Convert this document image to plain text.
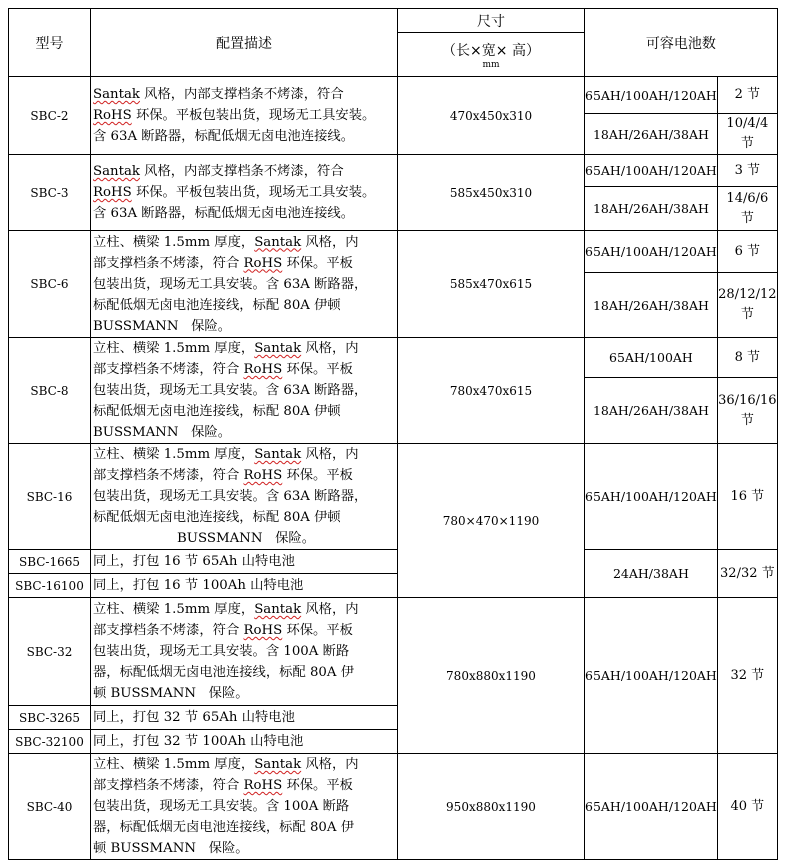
型号	配置描述	尺寸	可容电池数	

		（长×宽× 高）
mm		

SBC-2	Santak 风格，内部支撑档条不烤漆，符合
RoHS 环保。平板包装出货，现场无工具安装。
含 63A 断路器，标配低烟无卤电池连接线。	470x450x310	65AH/100AH/120AH	2 节
			18AH/26AH/38AH	10/4/4
节

SBC-3	Santak 风格，内部支撑档条不烤漆，符合
RoHS 环保。平板包装出货，现场无工具安装。
含 63A 断路器，标配低烟无卤电池连接线。	585x450x310	65AH/100AH/120AH	3 节
			18AH/26AH/38AH	14/6/6
节

SBC-6	立柱、横梁 1.5mm 厚度，Santak 风格，内
部支撑档条不烤漆，符合 RoHS 环保。平板
包装出货，现场无工具安装。含 63A 断路器，
标配低烟无卤电池连接线，标配 80A 伊顿
BUSSMANN   保险。	585x470x615	65AH/100AH/120AH	6 节
			18AH/26AH/38AH	28/12/12
节

SBC-8	立柱、横梁 1.5mm 厚度，Santak 风格，内
部支撑档条不烤漆，符合 RoHS 环保。平板
包装出货，现场无工具安装。含 63A 断路器，
标配低烟无卤电池连接线，标配 80A 伊顿
BUSSMANN   保险。	780x470x615	65AH/100AH	8 节
			18AH/26AH/38AH	36/16/16
节

SBC-16	立柱、横梁 1.5mm 厚度，Santak 风格，内
部支撑档条不烤漆，符合 RoHS 环保。平板
包装出货，现场无工具安装。含 63A 断路器，
标配低烟无卤电池连接线，标配 80A 伊顿
BUSSMANN   保险。	780×470×1190	65AH/100AH/120AH	16 节
SBC-1665	同上，打包 16 节 65Ah 山特电池		24AH/38AH	32/32 节
SBC-16100	同上，打包 16 节 100Ah 山特电池			
SBC-32	立柱、横梁 1.5mm 厚度，Santak 风格，内
部支撑档条不烤漆，符合 RoHS 环保。平板
包装出货，现场无工具安装。含 100A 断路
器，标配低烟无卤电池连接线，标配 80A 伊
顿 BUSSMANN   保险。	780x880x1190	65AH/100AH/120AH	32 节
SBC-3265	同上，打包 32 节 65Ah 山特电池			
SBC-32100	同上，打包 32 节 100Ah 山特电池			
SBC-40	立柱、横梁 1.5mm 厚度，Santak 风格，内
部支撑档条不烤漆，符合 RoHS 环保。平板
包装出货，现场无工具安装。含 100A 断路
器，标配低烟无卤电池连接线，标配 80A 伊
顿 BUSSMANN   保险。	950x880x1190	65AH/100AH/120AH	40 节
